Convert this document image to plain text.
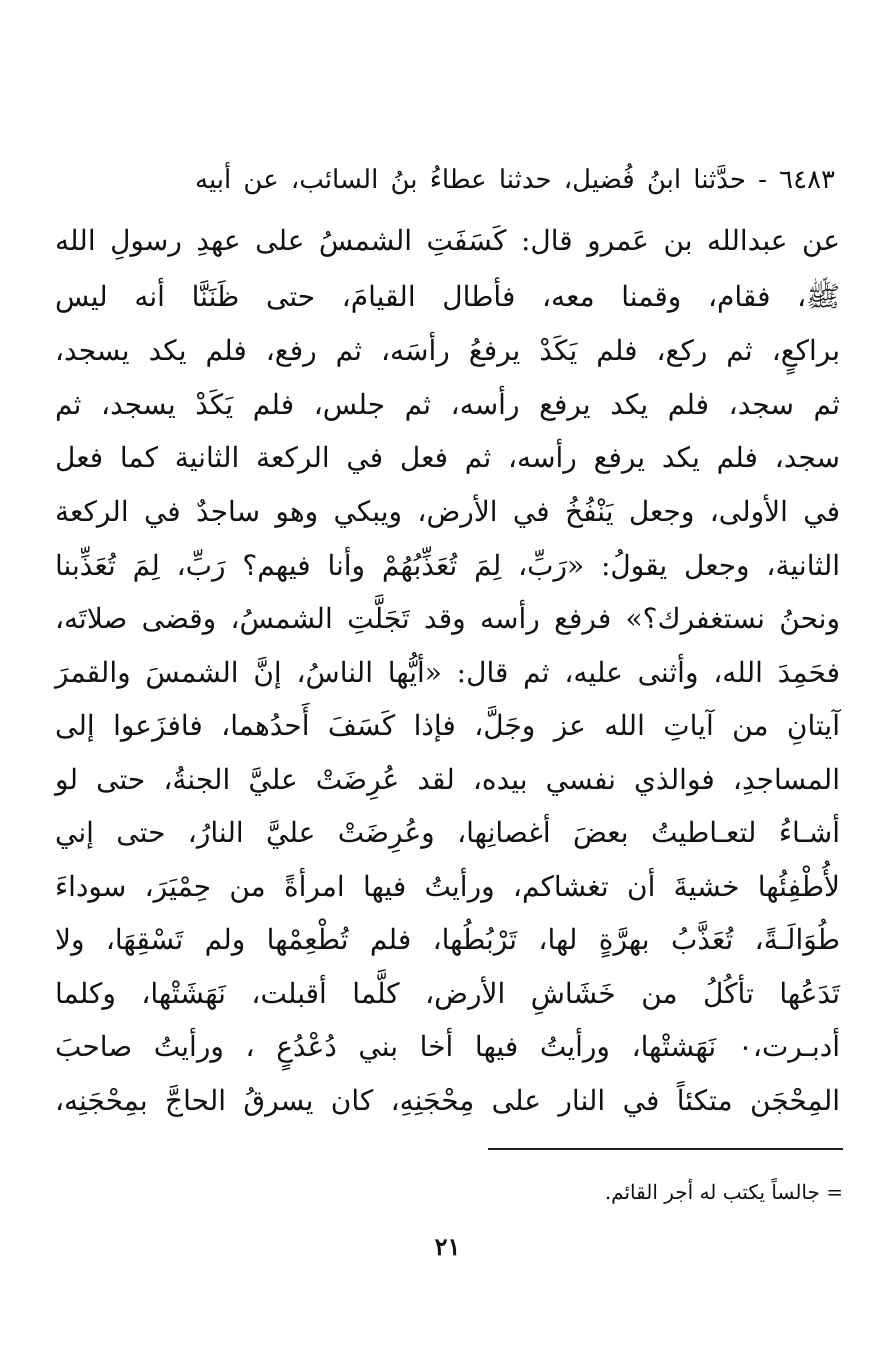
٦٤٨٣ - حدَّثنا ابنُ فُضيل، حدثنا عطاءُ بنُ السائب، عن أبيه
عن عبدالله بن عَمرو قال: كَسَفَتِ الشمسُ على عهدِ رسولِ الله
ﷺ، فقام، وقمنا معه، فأطال القيامَ، حتى ظَنَنَّا أنه ليس
براكعٍ، ثم ركع، فلم يَكَدْ يرفعُ رأسَه، ثم رفع، فلم يكد يسجد،
ثم سجد، فلم يكد يرفع رأسه، ثم جلس، فلم يَكَدْ يسجد، ثم
سجد، فلم يكد يرفع رأسه، ثم فعل في الركعة الثانية كما فعل
في الأولى، وجعل يَنْفُخُ في الأرض، ويبكي وهو ساجدٌ في الركعة
الثانية، وجعل يقولُ: «رَبِّ، لِمَ تُعَذِّبُهُمْ وأنا فيهم؟ رَبِّ، لِمَ تُعَذِّبنا
ونحنُ نستغفرك؟» فرفع رأسه وقد تَجَلَّتِ الشمسُ، وقضى صلاتَه،
فحَمِدَ الله، وأثنى عليه، ثم قال: «أيُّها الناسُ، إنَّ الشمسَ والقمرَ
آيتانِ من آياتِ الله عز وجَلَّ، فإذا كَسَفَ أَحدُهما، فافزَعوا إلى
المساجدِ، فوالذي نفسي بيده، لقد عُرِضَتْ عليَّ الجنةُ، حتى لو
أشـاءُ لتعـاطيتُ بعضَ أغصانِها، وعُرِضَتْ عليَّ النارُ، حتى إني
لأُطْفِئُها خشيةَ أن تغشاكم، ورأيتُ فيها امرأةً من حِمْيَرَ، سوداءَ
طُوَالَـةً، تُعَذَّبُ بهرَّةٍ لها، تَرْبُطُها، فلم تُطْعِمْها ولم تَسْقِهَا، ولا
تَدَعُها تأكُلُ من خَشَاشِ الأرض، كلَّما أقبلت، نَهَشَتْها، وكلما
أدبـرت،٠ نَهَشتْها، ورأيتُ فيها أخا بني دُعْدُعٍ ، ورأيتُ صاحبَ
المِحْجَن متكئاً في النار على مِحْجَنِهِ، كان يسرقُ الحاجَّ بمِحْجَنِه،
= جالساً يكتب له أجر القائم.
٢١
